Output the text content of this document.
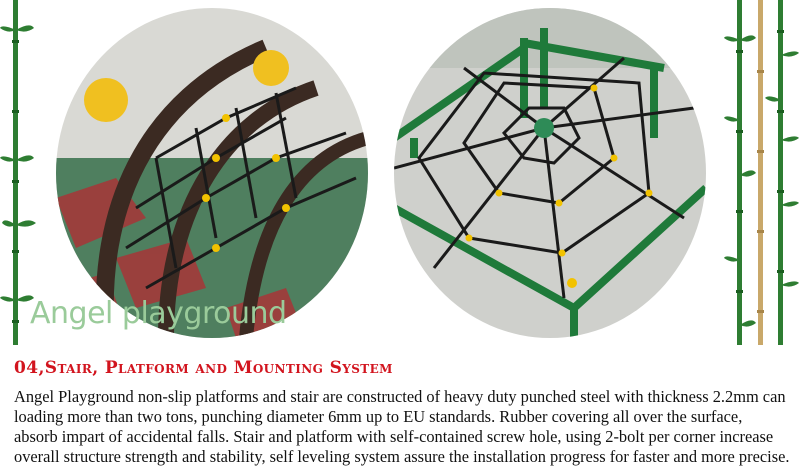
Angel playground
04,Stair, Platform and Mounting System
Angel Playground non-slip platforms and stair are constructed of heavy duty punched steel with thickness 2.2mm can loading more than two tons, punching diameter 6mm up to EU standards. Rubber covering all over the surface, absorb impart of accidental falls. Stair and platform with self-contained screw hole, using 2-bolt per corner increase overall structure strength and stability, self leveling system assure the installation progress for faster and more precise.
